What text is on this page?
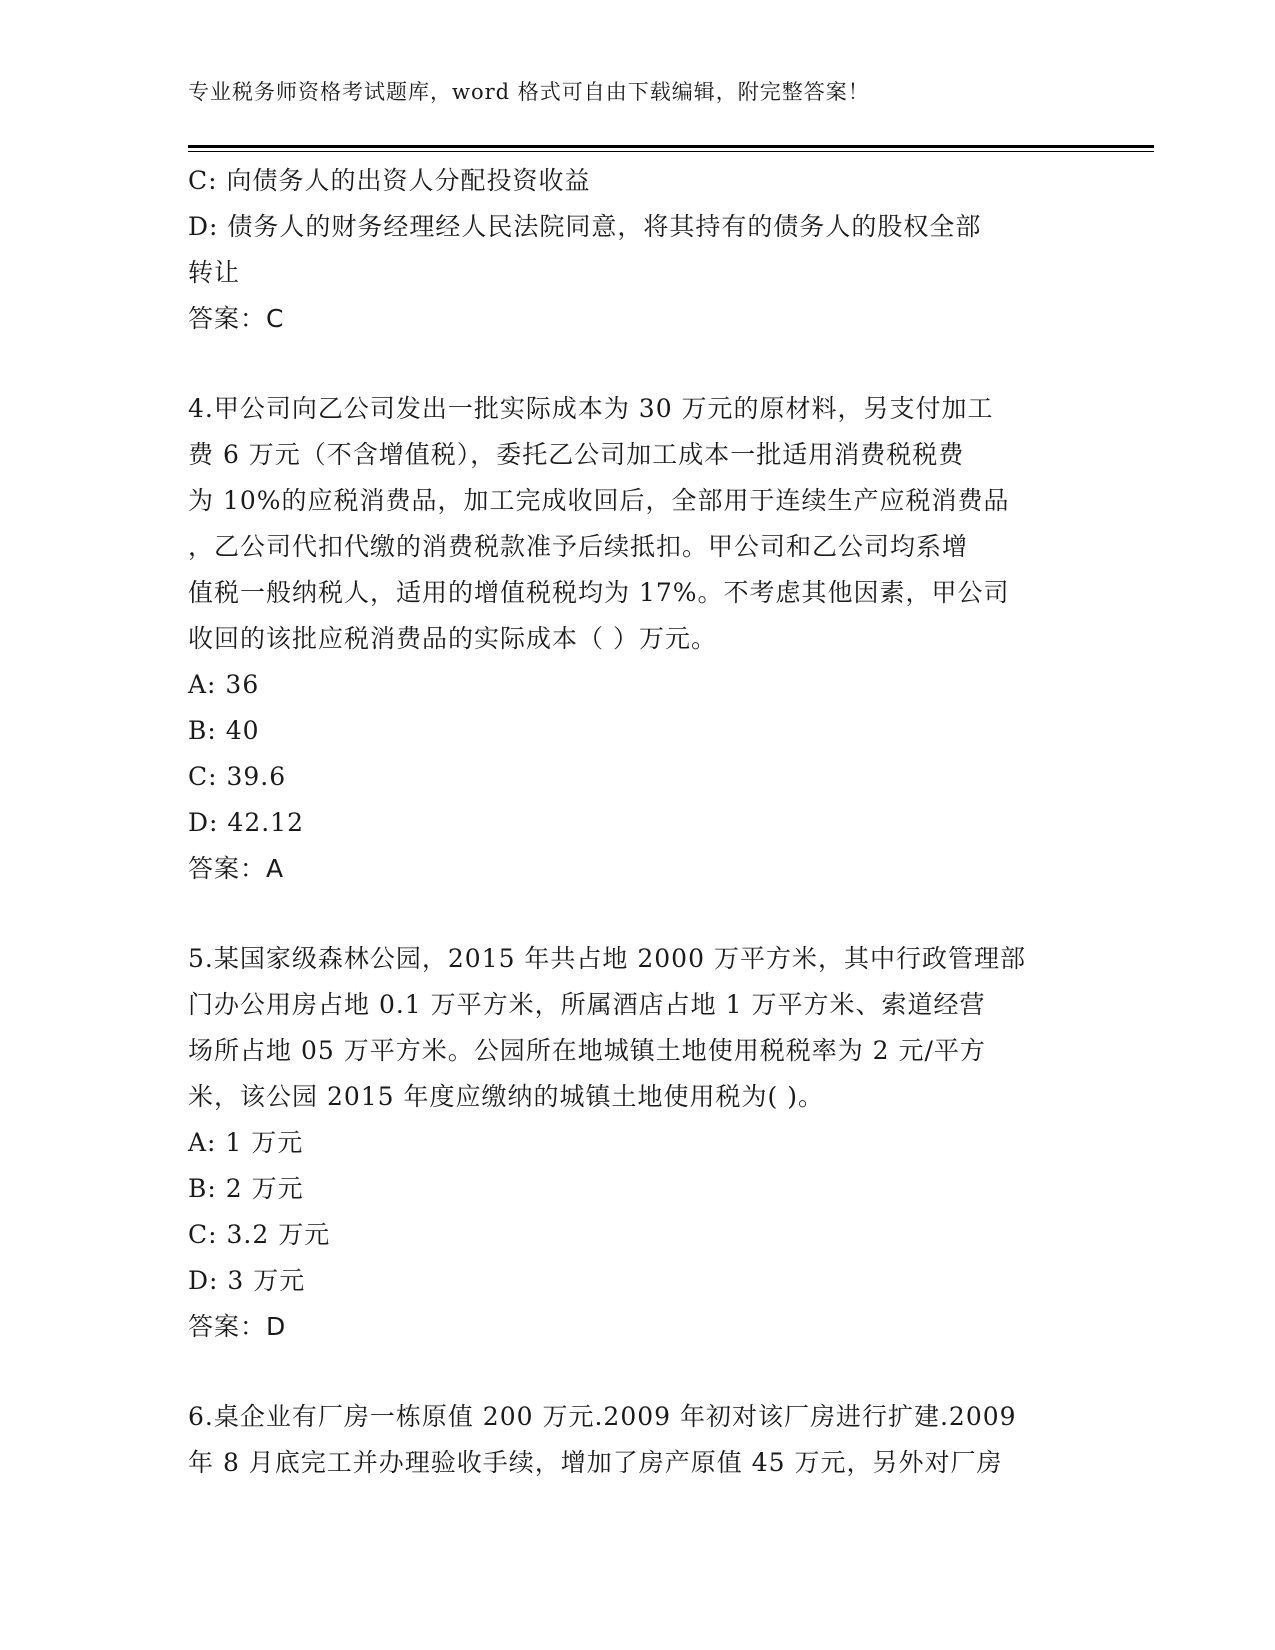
专业税务师资格考试题库，word 格式可自由下载编辑，附完整答案！
C: 向债务人的出资人分配投资收益
D: 债务人的财务经理经人民法院同意，将其持有的债务人的股权全部
转让
答案：C
4.甲公司向乙公司发出一批实际成本为 30 万元的原材料，另支付加工
费 6 万元（不含增值税），委托乙公司加工成本一批适用消费税税费
为 10%的应税消费品，加工完成收回后，全部用于连续生产应税消费品
，乙公司代扣代缴的消费税款准予后续抵扣。甲公司和乙公司均系增
值税一般纳税人，适用的增值税税均为 17%。不考虑其他因素，甲公司
收回的该批应税消费品的实际成本（ ）万元。
A: 36
B: 40
C: 39.6
D: 42.12
答案：A
5.某国家级森林公园，2015 年共占地 2000 万平方米，其中行政管理部
门办公用房占地 0.1 万平方米，所属酒店占地 1 万平方米、索道经营
场所占地 05 万平方米。公园所在地城镇土地使用税税率为 2 元/平方
米，该公园 2015 年度应缴纳的城镇土地使用税为( )。
A: 1 万元
B: 2 万元
C: 3.2 万元
D: 3 万元
答案：D
6.桌企业有厂房一栋原值 200 万元.2009 年初对该厂房进行扩建.2009
年 8 月底完工并办理验收手续，增加了房产原值 45 万元，另外对厂房
